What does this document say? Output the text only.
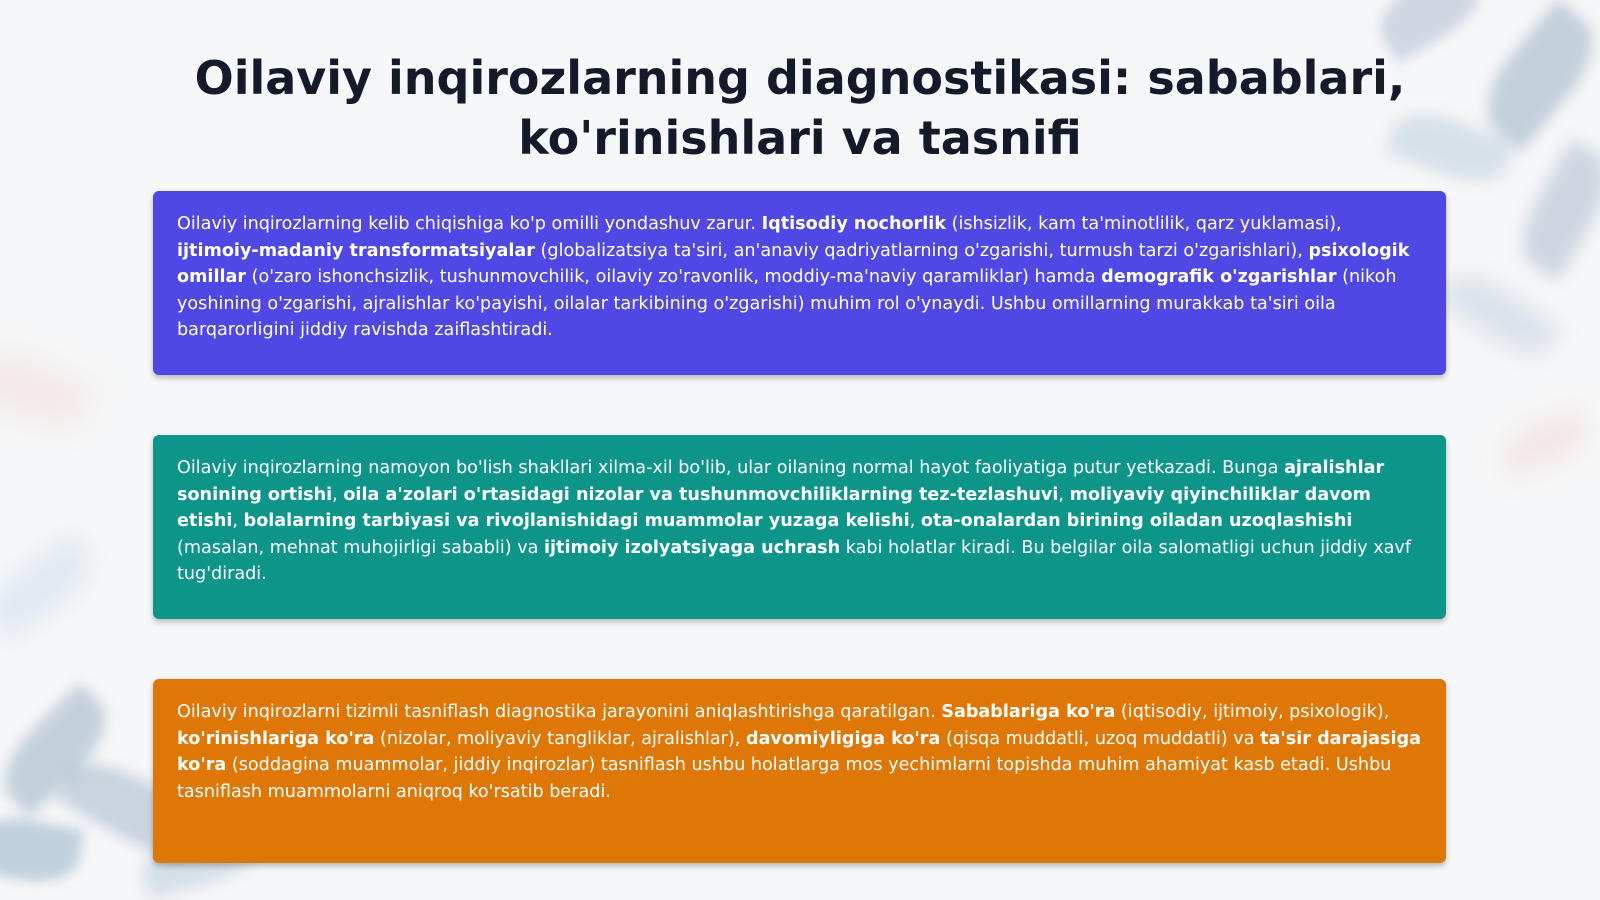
Oilaviy inqirozlarning diagnostikasi: sabablari, ko'rinishlari va tasnifi

Oilaviy inqirozlarning kelib chiqishiga ko'p omilli yondashuv zarur. Iqtisodiy nochorlik (ishsizlik, kam ta'minotlilik, qarz yuklamasi), ijtimoiy-madaniy transformatsiyalar (globalizatsiya ta'siri, an'anaviy qadriyatlarning o'zgarishi, turmush tarzi o'zgarishlari), psixologik omillar (o'zaro ishonchsizlik, tushunmovchilik, oilaviy zo'ravonlik, moddiy-ma'naviy qaramliklar) hamda demografik o'zgarishlar (nikoh yoshining o'zgarishi, ajralishlar ko'payishi, oilalar tarkibining o'zgarishi) muhim rol o'ynaydi. Ushbu omillarning murakkab ta'siri oila barqarorligini jiddiy ravishda zaiflashtiradi.

Oilaviy inqirozlarning namoyon bo'lish shakllari xilma-xil bo'lib, ular oilaning normal hayot faoliyatiga putur yetkazadi. Bunga ajralishlar sonining ortishi, oila a'zolari o'rtasidagi nizolar va tushunmovchiliklarning tez-tezlashuvi, moliyaviy qiyinchiliklar davom etishi, bolalarning tarbiyasi va rivojlanishidagi muammolar yuzaga kelishi, ota-onalardan birining oiladan uzoqlashishi (masalan, mehnat muhojirligi sababli) va ijtimoiy izolyatsiyaga uchrash kabi holatlar kiradi. Bu belgilar oila salomatligi uchun jiddiy xavf tug'diradi.

Oilaviy inqirozlarni tizimli tasniflash diagnostika jarayonini aniqlashtirishga qaratilgan. Sabablariga ko'ra (iqtisodiy, ijtimoiy, psixologik), ko'rinishlariga ko'ra (nizolar, moliyaviy tangliklar, ajralishlar), davomiyligiga ko'ra (qisqa muddatli, uzoq muddatli) va ta'sir darajasiga ko'ra (soddagina muammolar, jiddiy inqirozlar) tasniflash ushbu holatlarga mos yechimlarni topishda muhim ahamiyat kasb etadi. Ushbu tasniflash muammolarni aniqroq ko'rsatib beradi.
